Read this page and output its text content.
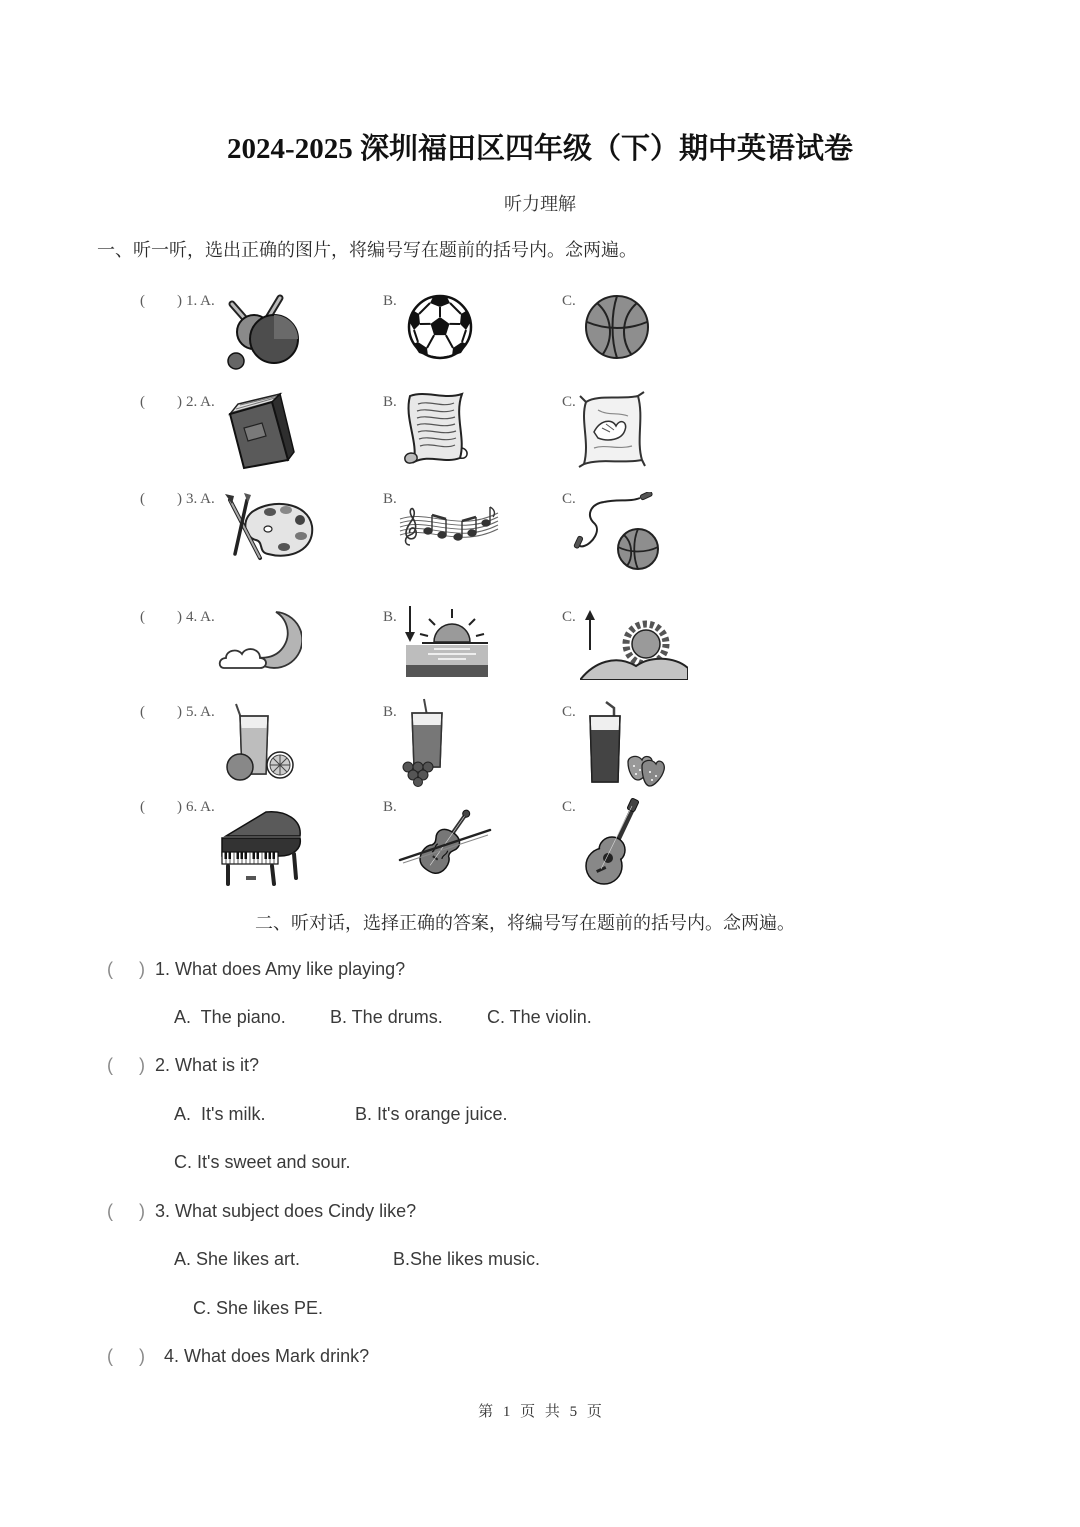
2024-2025 深圳福田区四年级（下）期中英语试卷
听力理解
一、听一听，选出正确的图片，将编号写在题前的括号内。念两遍。
( ) 1. A.	B.	C.
( ) 2. A.	B.	C.
( ) 3. A.	B.	C.
( ) 4. A.	B.	C.
( ) 5. A.	B.	C.
( ) 6. A.	B.	C.
二、听对话，选择正确的答案，将编号写在题前的括号内。念两遍。
( ) 1. What does Amy like playing?
A.  The piano. B. The drums. C. The violin.
( ) 2. What is it?
A.  It's milk.	B. It's orange juice.
C. It's sweet and sour.
( ) 3. What subject does Cindy like?
A. She likes art.	B.She likes music.
C. She likes PE.
( ) 4. What does Mark drink?
第 1 页 共 5 页
